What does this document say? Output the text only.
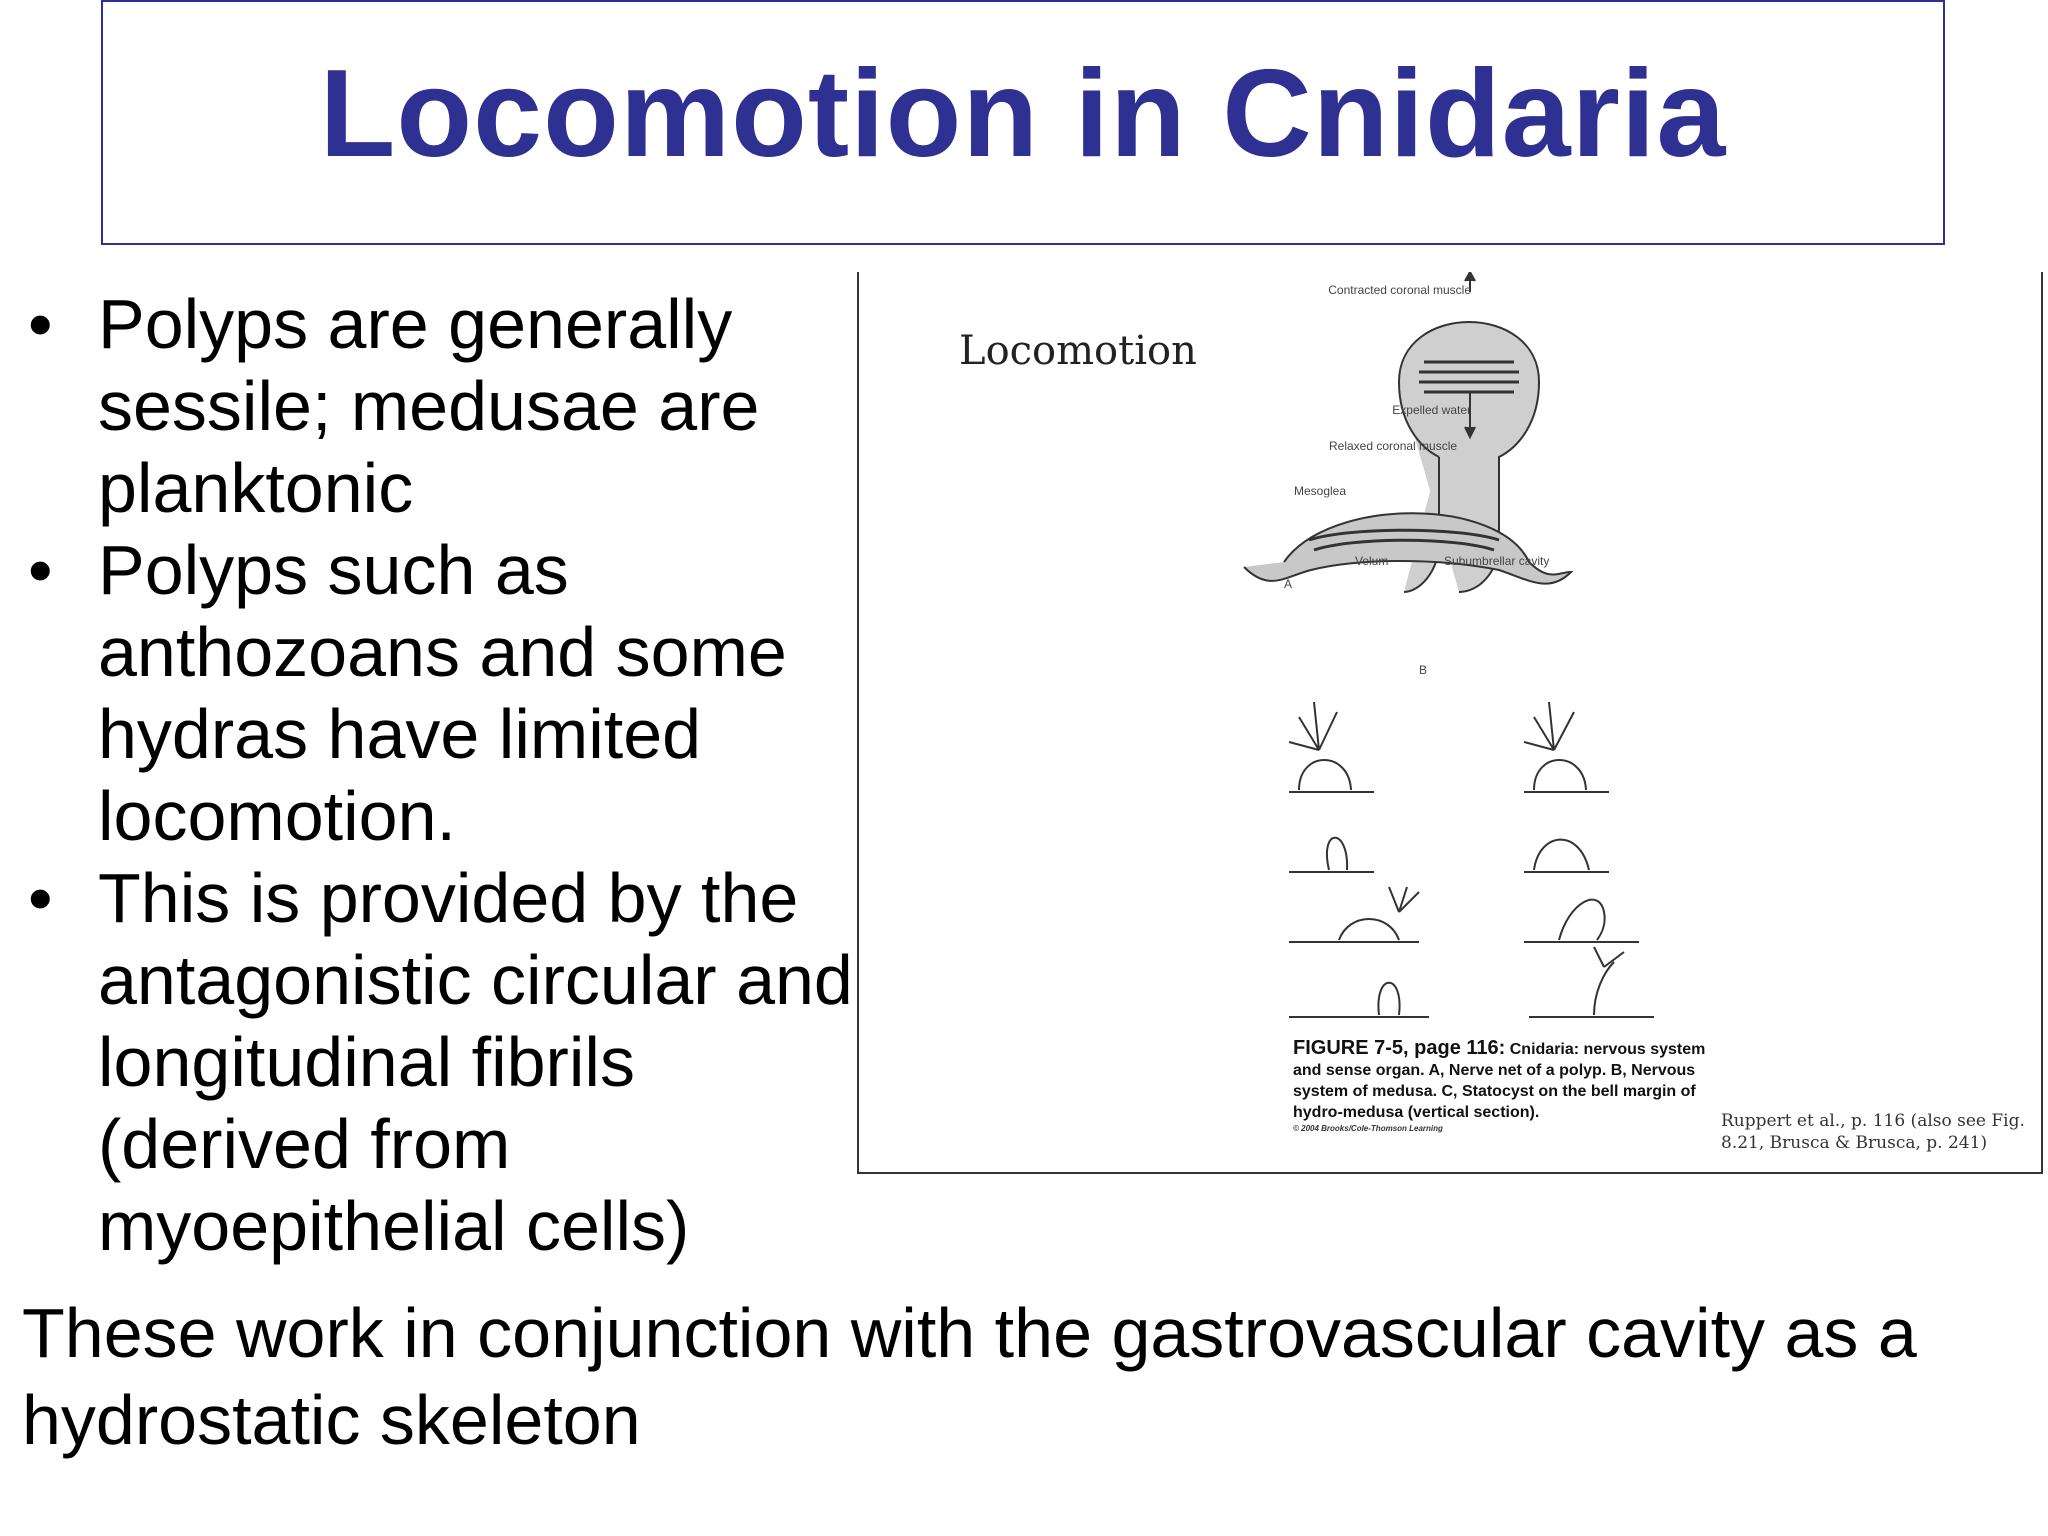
Locomotion in Cnidaria
• Polyps are generally sessile; medusae are planktonic
• Polyps such as anthozoans and some hydras have limited locomotion.
• This is provided by the antagonistic circular and longitudinal fibrils (derived from myoepithelial cells)

These work in conjunction with the gastrovascular cavity as a hydrostatic skeleton

Locomotion
Contracted coronal muscle
Expelled water
Relaxed coronal muscle
Mesoglea
Velum	Subumbrellar cavity
A
B
FIGURE 7-5, page 116: Cnidaria: nervous system and sense organ. A, Nerve net of a polyp. B, Nervous system of medusa. C, Statocyst on the bell margin of hydro-medusa (vertical section).
© 2004 Brooks/Cole-Thomson Learning	Ruppert et al., p. 116 (also see Fig. 8.21, Brusca & Brusca, p. 241)
